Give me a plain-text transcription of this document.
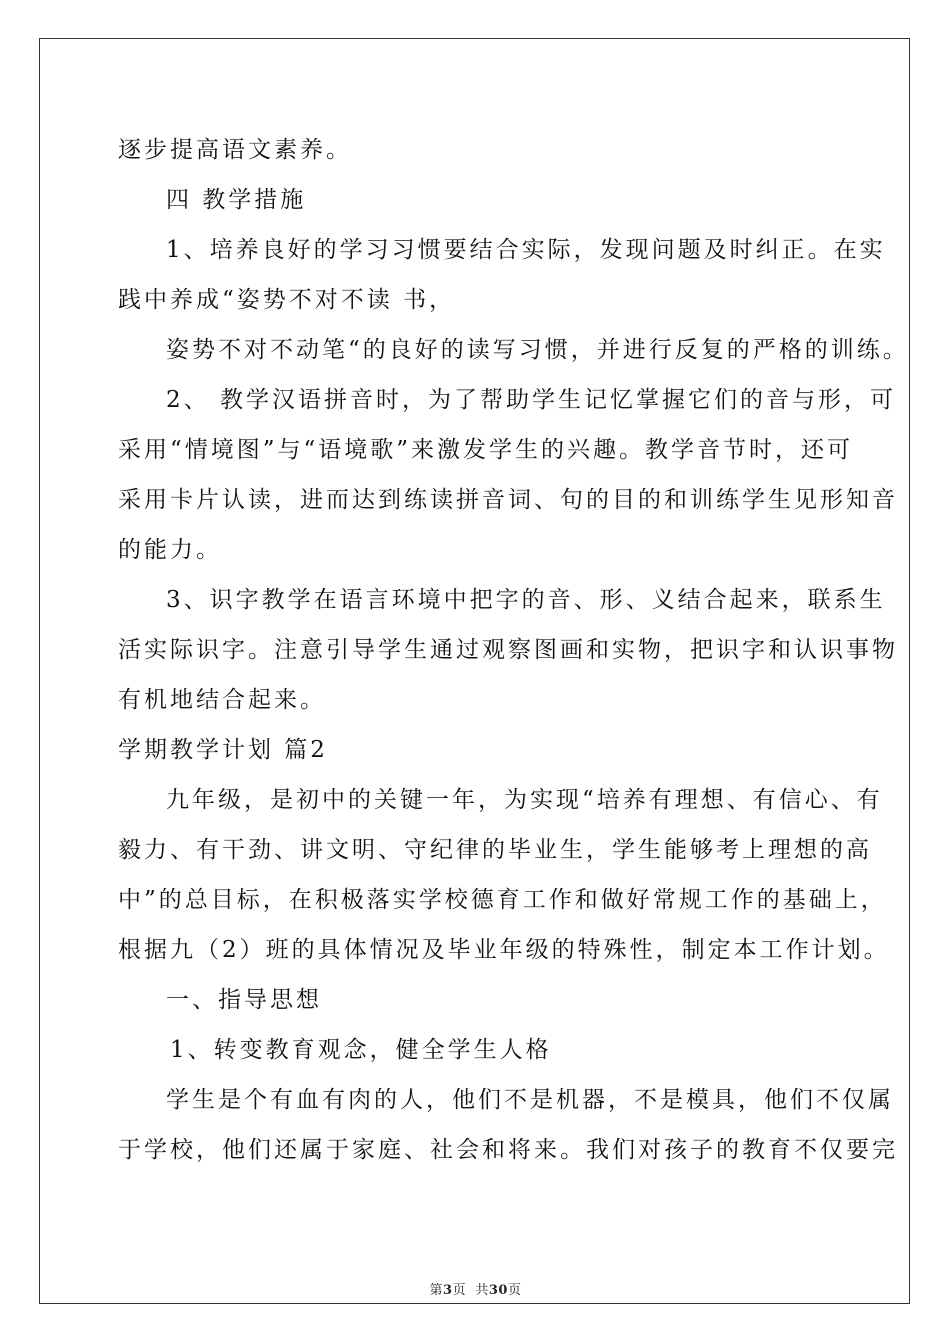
逐步提高语文素养。
四 教学措施
1、培养良好的学习习惯要结合实际，发现问题及时纠正。在实
践中养成“姿势不对不读 书，
姿势不对不动笔“的良好的读写习惯，并进行反复的严格的训练。
2、 教学汉语拼音时，为了帮助学生记忆掌握它们的音与形，可
采用“情境图”与“语境歌”来激发学生的兴趣。教学音节时，还可
采用卡片认读，进而达到练读拼音词、句的目的和训练学生见形知音
的能力。
3、识字教学在语言环境中把字的音、形、义结合起来，联系生
活实际识字。注意引导学生通过观察图画和实物，把识字和认识事物
有机地结合起来。
学期教学计划 篇2
九年级，是初中的关键一年，为实现“培养有理想、有信心、有
毅力、有干劲、讲文明、守纪律的毕业生，学生能够考上理想的高
中”的总目标，在积极落实学校德育工作和做好常规工作的基础上，
根据九（2）班的具体情况及毕业年级的特殊性，制定本工作计划。
一、指导思想
1、转变教育观念，健全学生人格
学生是个有血有肉的人，他们不是机器，不是模具，他们不仅属
于学校，他们还属于家庭、社会和将来。我们对孩子的教育不仅要完
第3页  共30页
